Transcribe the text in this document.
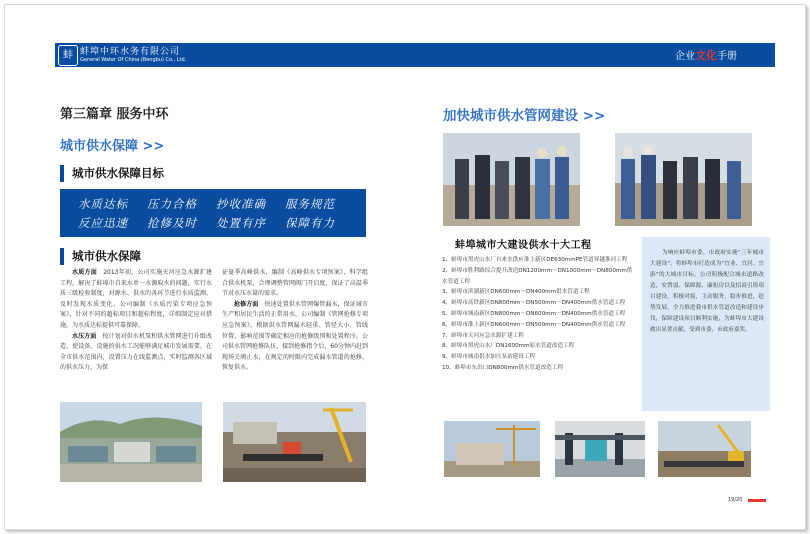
蚌 蚌埠中环水务有限公司
General Water Of China (Bengbu) Co., Ltd.	企业文化手册
第三篇章 服务中环
城市供水保障 >>
城市供水保障目标
水质达标 压力合格 抄收准确 服务规范
反应迅速 抢修及时 处置有序 保障有力
城市供水保障
水质方面　 2013年初，公司实施天河应急水源扩建工程，解决了蚌埠市自来水单一水源取水的问题，实行水质三级检验制度，对源水、供水的各环节进行水质监测，及时发现水质变化。公司编制《水质污染专项应急预案》，针对不同的超标项目和超标程度，详细制定应对措施，为水质达标提供可靠保障。
水压方面　 按计划对供水机泵和供水管网进行升级改造，使设备、设施的供水工况能够满足城市发展需要。在全市供水范围内，设置压力在线监测点，实时监测各区域的供水压力，为保
证夏季高峰供水，编制《高峰供水专项预案》，科学组合供水机泵，合理调整管网阀门开启度，保证了高温季节对水压水量的需求。
抢修方面　 快速处置供水管网爆管漏水，保证城市生产和居民生活的正常用水，公司编制《管网抢修专项应急预案》，根据供水管网漏水轻重、管径大小、管线位置、影响范围等确定相应的抢修级别和处置程序。公司供水管网抢修队伍，接到抢修指令后，60分钟内赶到现场关阀止水，在规定的时限内完成漏水管道的抢修，恢复供水。
加快城市供水管网建设 >>
蚌埠城市大建设供水十大工程
1、蚌埠市黑虎山水厂自来水供应淮上新区DE630mmPE管道穿越淮河工程
2、蚌埠市胜利路综合提升改造DN1200mm～DN1000mm～DN800mm供水管道工程
3、蚌埠市滨湖新区DN600mm～DN400mm供水管道工程
4、蚌埠市高铁新区DN800mm～DN500mm～DN400mm供水管道工程
5、蚌埠市城南新区DN800mm～DN600mm～DN400mm供水管道工程
6、蚌埠市淮上新区DN600mm～DN500mm～DN400mm供水管道工程
7、蚌埠市天河应急水源扩建工程
8、蚌埠市黑虎山水厂DN1600mm原水管道改造工程
9、蚌埠市城南供水加压泵站建设工程
10、蚌埠市东出口DN800mm供水管道改造工程
为响应蚌埠市委、市政府实施“三年城市大建设”，将蚌埠市打造成为“宜业、宜居、宜游”的大城市目标，公司积极配合城市道路改造，安置弱、保障源、廉租房以及招商引资项目建设，积极对接，主动服务，稳步推进，趁势发展，全力推进我市供水管道改造和建设步伐，保障建设项目顺利实施，为蚌埠市大建设做出显著贡献，受到市委、市政府嘉奖。
19/20
